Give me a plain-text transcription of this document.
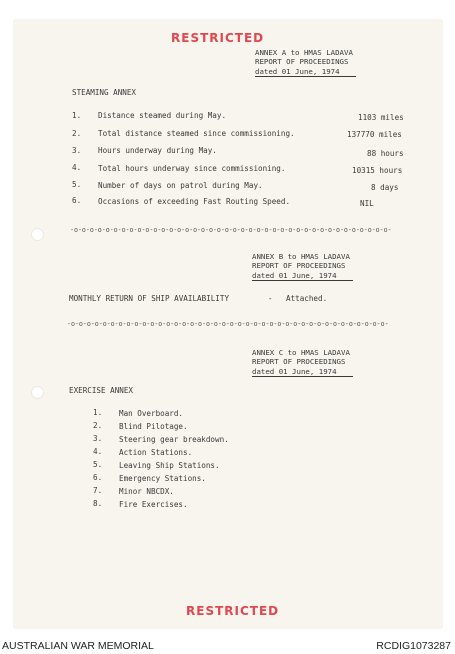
RESTRICTED
ANNEX A to HMAS LADAVA
REPORT OF PROCEEDINGS
dated 01 June, 1974
STEAMING ANNEX
1. Distance steamed during May.	1103 miles
2. Total distance steamed since commissioning.	137770 miles
3. Hours underway during May.	88 hours
4. Total hours underway since commissioning.	10315 hours
5. Number of days on patrol during May.	8 days
6. Occasions of exceeding Fast Routing Speed.	NIL
-o-o-o-o-o-o-o-o-o-o-o-o-o-o-o-o-o-o-o-o-o-o-o-o-o-o-o-o-o-o-o-o-o-o-o-o-o-o-o-o-
ANNEX B to HMAS LADAVA
REPORT OF PROCEEDINGS
dated 01 June, 1974
MONTHLY RETURN OF SHIP AVAILABILITY	- Attached.
-o-o-o-o-o-o-o-o-o-o-o-o-o-o-o-o-o-o-o-o-o-o-o-o-o-o-o-o-o-o-o-o-o-o-o-o-o-o-o-o-
ANNEX C to HMAS LADAVA
REPORT OF PROCEEDINGS
dated 01 June, 1974
EXERCISE ANNEX
1. Man Overboard.
2. Blind Pilotage.
3. Steering gear breakdown.
4. Action Stations.
5. Leaving Ship Stations.
6. Emergency Stations.
7. Minor NBCDX.
8. Fire Exercises.
RESTRICTED
AUSTRALIAN WAR MEMORIAL	RCDIG1073287
